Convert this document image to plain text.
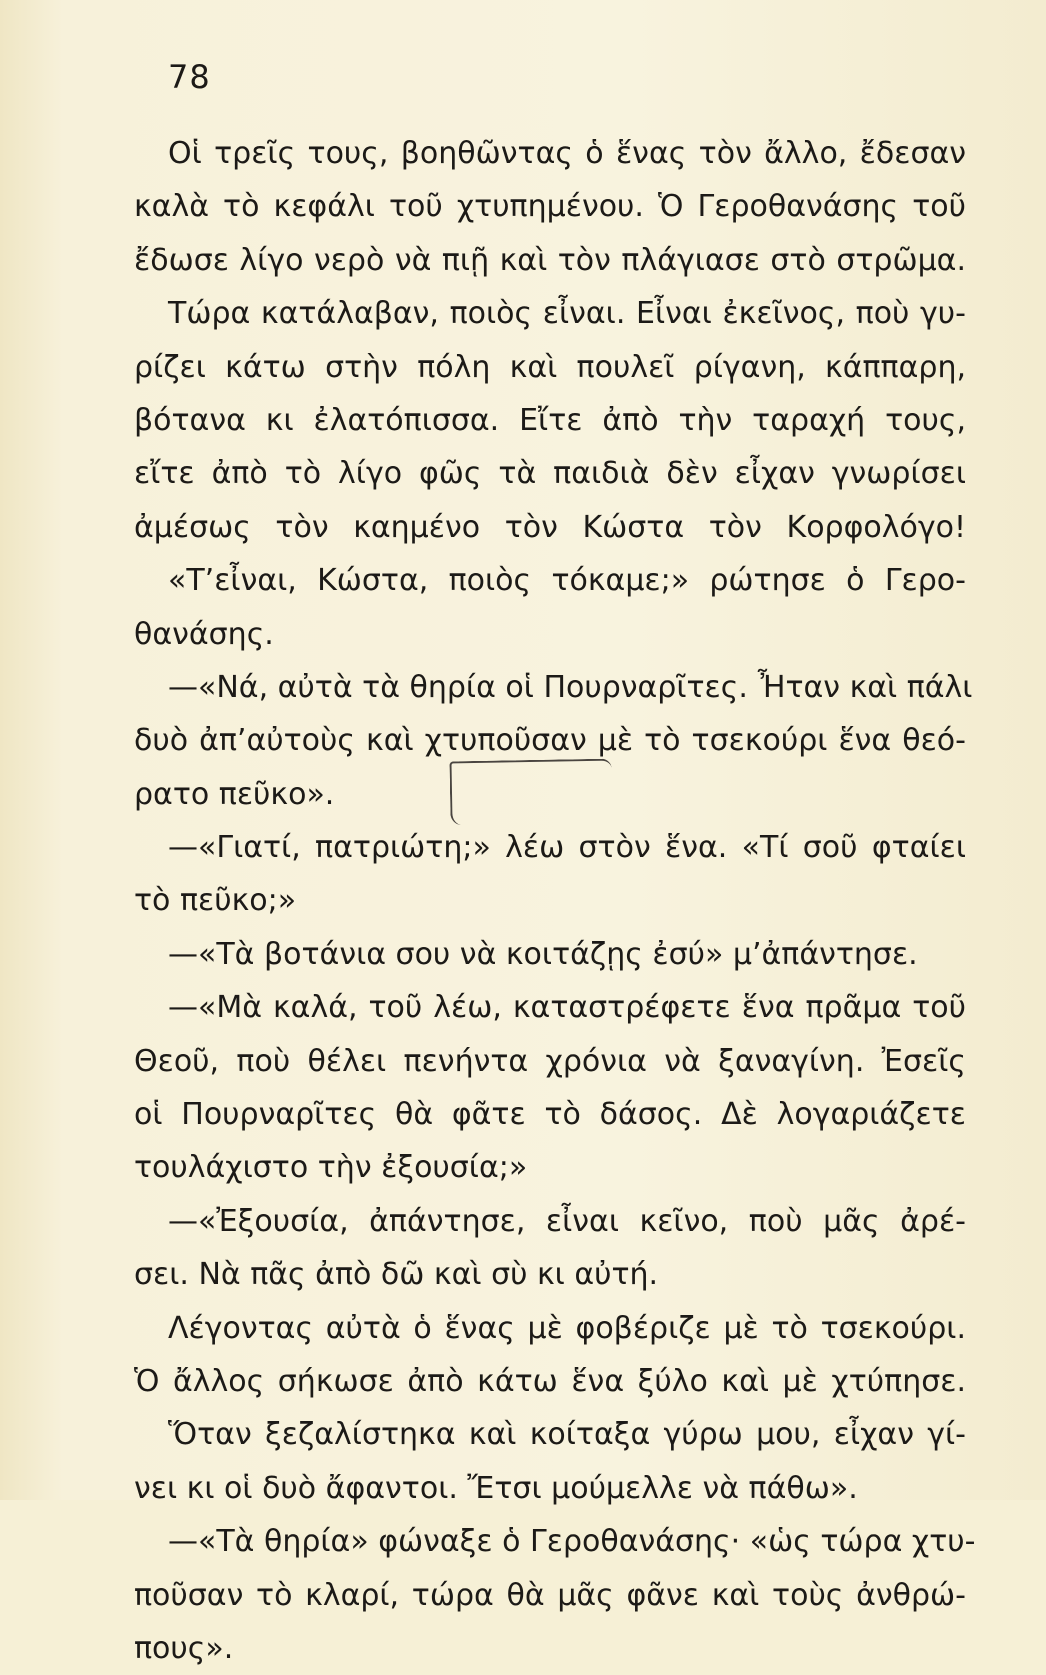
78
Οἱ τρεῖς τους, βοηθῶντας ὁ ἕνας τὸν ἄλλο, ἔδεσαν
καλὰ τὸ κεφάλι τοῦ χτυπημένου. Ὁ Γεροθανάσης τοῦ
ἔδωσε λίγο νερὸ νὰ πιῇ καὶ τὸν πλάγιασε στὸ στρῶμα.
Τώρα κατάλαβαν, ποιὸς εἶναι. Εἶναι ἐκεῖνος, ποὺ γυ-
ρίζει κάτω στὴν πόλη καὶ πουλεῖ ρίγανη, κάππαρη,
βότανα κι ἐλατόπισσα. Εἴτε ἀπὸ τὴν ταραχή τους,
εἴτε ἀπὸ τὸ λίγο φῶς τὰ παιδιὰ δὲν εἶχαν γνωρίσει
ἀμέσως τὸν καημένο τὸν Κώστα τὸν Κορφολόγο!
«Τ’εἶναι, Κώστα, ποιὸς τόκαμε;» ρώτησε ὁ Γερο-
θανάσης.
—«Νά, αὐτὰ τὰ θηρία οἱ Πουρναρῖτες. Ἦταν καὶ πάλι
δυὸ ἀπ’αὐτοὺς καὶ χτυποῦσαν μὲ τὸ τσεκούρι ἕνα θεό-
ρατο πεῦκο».
—«Γιατί, πατριώτη;» λέω στὸν ἕνα. «Τί σοῦ φταίει
τὸ πεῦκο;»
—«Τὰ βοτάνια σου νὰ κοιτάζῃς ἐσύ» μ’ἀπάντησε.
—«Μὰ καλά, τοῦ λέω, καταστρέφετε ἕνα πρᾶμα τοῦ
Θεοῦ, ποὺ θέλει πενήντα χρόνια νὰ ξαναγίνη. Ἐσεῖς
οἱ Πουρναρῖτες θὰ φᾶτε τὸ δάσος. Δὲ λογαριάζετε
τουλάχιστο τὴν ἐξουσία;»
—«Ἐξουσία, ἀπάντησε, εἶναι κεῖνο, ποὺ μᾶς ἀρέ-
σει. Νὰ πᾶς ἀπὸ δῶ καὶ σὺ κι αὐτή.
Λέγοντας αὐτὰ ὁ ἕνας μὲ φοβέριζε μὲ τὸ τσεκούρι.
Ὁ ἄλλος σήκωσε ἀπὸ κάτω ἕνα ξύλο καὶ μὲ χτύπησε.
Ὅταν ξεζαλίστηκα καὶ κοίταξα γύρω μου, εἶχαν γί-
νει κι οἱ δυὸ ἄφαντοι. Ἔτσι μούμελλε νὰ πάθω».
—«Τὰ θηρία» φώναξε ὁ Γεροθανάσης· «ὡς τώρα χτυ-
ποῦσαν τὸ κλαρί, τώρα θὰ μᾶς φᾶνε καὶ τοὺς ἀνθρώ-
πους».
